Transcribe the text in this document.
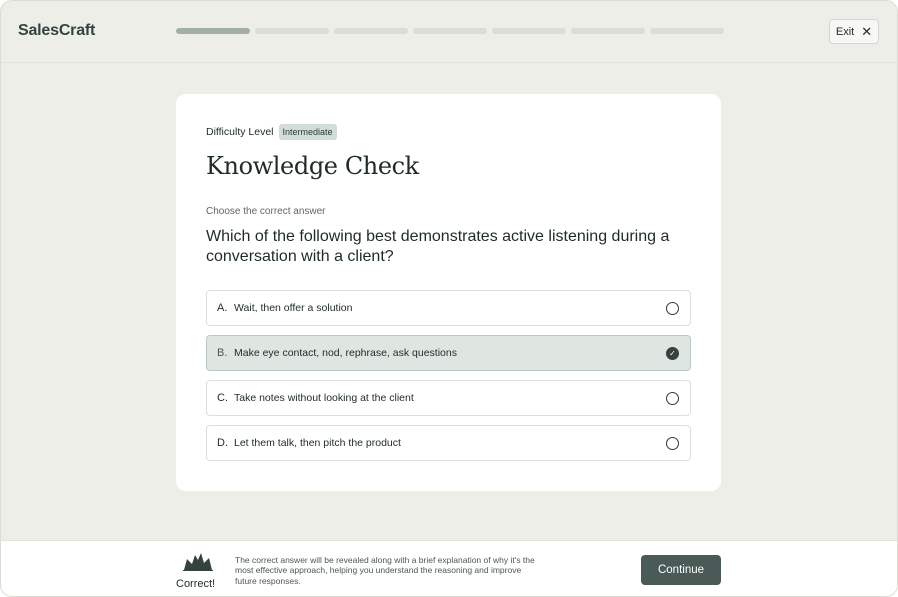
SalesCraft	Exit ✕
Difficulty Level	Intermediate
Knowledge Check
Choose the correct answer
Which of the following best demonstrates active listening during a conversation with a client?
A. Wait, then offer a solution
B. Make eye contact, nod, rephrase, ask questions	✓
C. Take notes without looking at the client
D. Let them talk, then pitch the product
Correct!
The correct answer will be revealed along with a brief explanation of why it's the most effective approach, helping you understand the reasoning and improve future responses.
Continue
